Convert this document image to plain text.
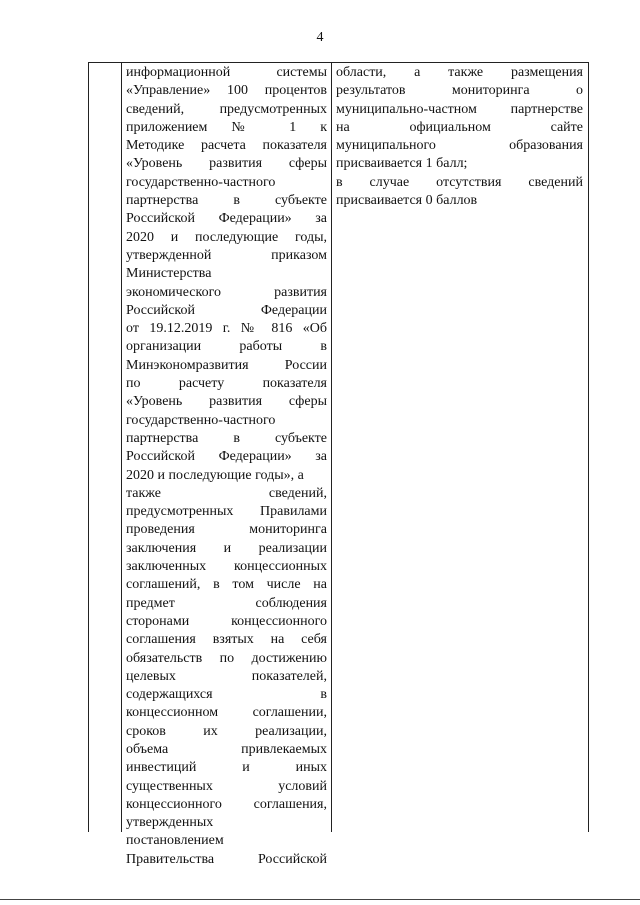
4
информационной системы
«Управление» 100 процентов
сведений, предусмотренных
приложением № 1 к
Методике расчета показателя
«Уровень развития сферы
государственно-частного
партнерства в субъекте
Российской Федерации» за
2020 и последующие годы,
утвержденной приказом
Министерства
экономического развития
Российской Федерации
от 19.12.2019 г. № 816 «Об
организации работы в
Минэкономразвития России
по расчету показателя
«Уровень развития сферы
государственно-частного
партнерства в субъекте
Российской Федерации» за
2020 и последующие годы», а
также сведений,
предусмотренных Правилами
проведения мониторинга
заключения и реализации
заключенных концессионных
соглашений, в том числе на
предмет соблюдения
сторонами концессионного
соглашения взятых на себя
обязательств по достижению
целевых показателей,
содержащихся в
концессионном соглашении,
сроков их реализации,
объема привлекаемых
инвестиций и иных
существенных условий
концессионного соглашения,
утвержденных
постановлением
Правительства Российской
области, а также размещения
результатов мониторинга о
муниципально-частном партнерстве
на официальном сайте
муниципального образования
присваивается 1 балл;
в случае отсутствия сведений
присваивается 0 баллов
